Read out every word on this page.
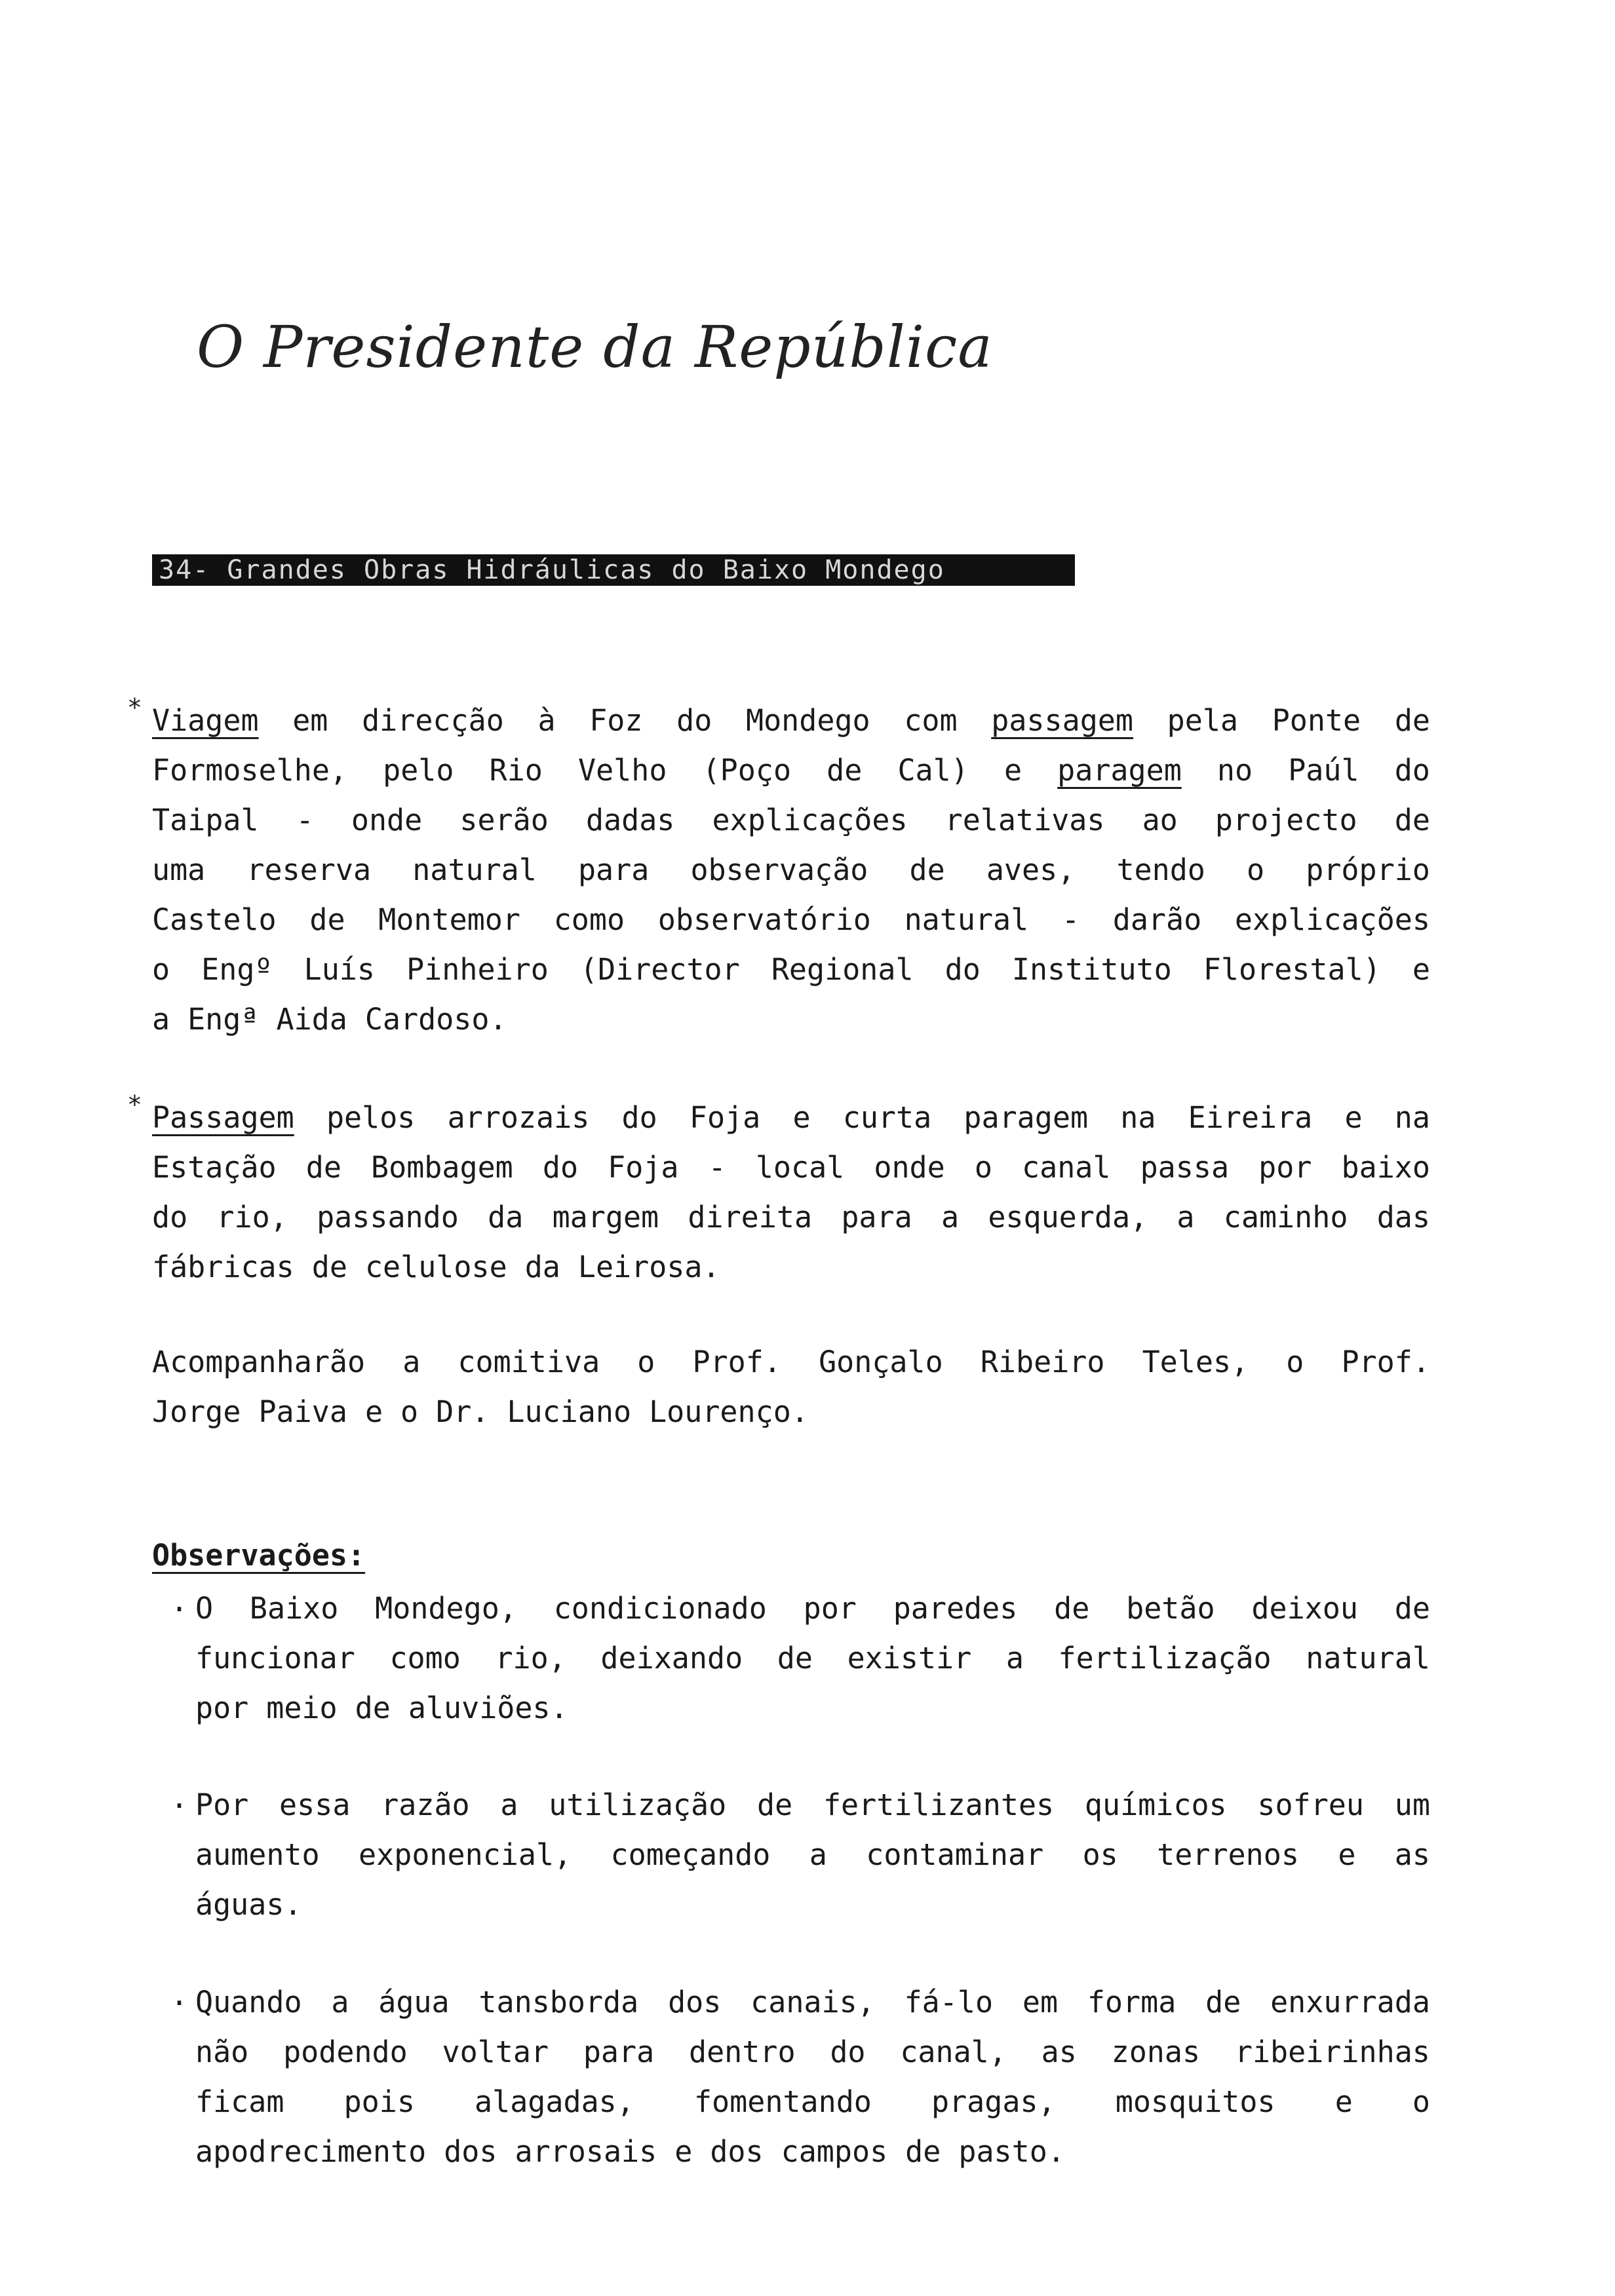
O Presidente da República
34- Grandes Obras Hidráulicas do Baixo Mondego
* Viagem em direcção à Foz do Mondego com passagem pela Ponte de
Formoselhe, pelo Rio Velho (Poço de Cal) e paragem no Paúl do
Taipal - onde serão dadas explicações relativas ao projecto de
uma reserva natural para observação de aves, tendo o próprio
Castelo de Montemor como observatório natural - darão explicações
o Engº Luís Pinheiro (Director Regional do Instituto Florestal) e
a Engª Aida Cardoso.
* Passagem pelos arrozais do Foja e curta paragem na Eireira e na
Estação de Bombagem do Foja - local onde o canal passa por baixo
do rio, passando da margem direita para a esquerda, a caminho das
fábricas de celulose da Leirosa.
Acompanharão a comitiva o Prof. Gonçalo Ribeiro Teles, o Prof.
Jorge Paiva e o Dr. Luciano Lourenço.
Observações:
. O Baixo Mondego, condicionado por paredes de betão deixou de
funcionar como rio, deixando de existir a fertilização natural
por meio de aluviões.
. Por essa razão a utilização de fertilizantes químicos sofreu um
aumento exponencial, começando a contaminar os terrenos e as
águas.
. Quando a água tansborda dos canais, fá-lo em forma de enxurrada
não podendo voltar para dentro do canal, as zonas ribeirinhas
ficam pois alagadas, fomentando pragas, mosquitos e o
apodrecimento dos arrosais e dos campos de pasto.
